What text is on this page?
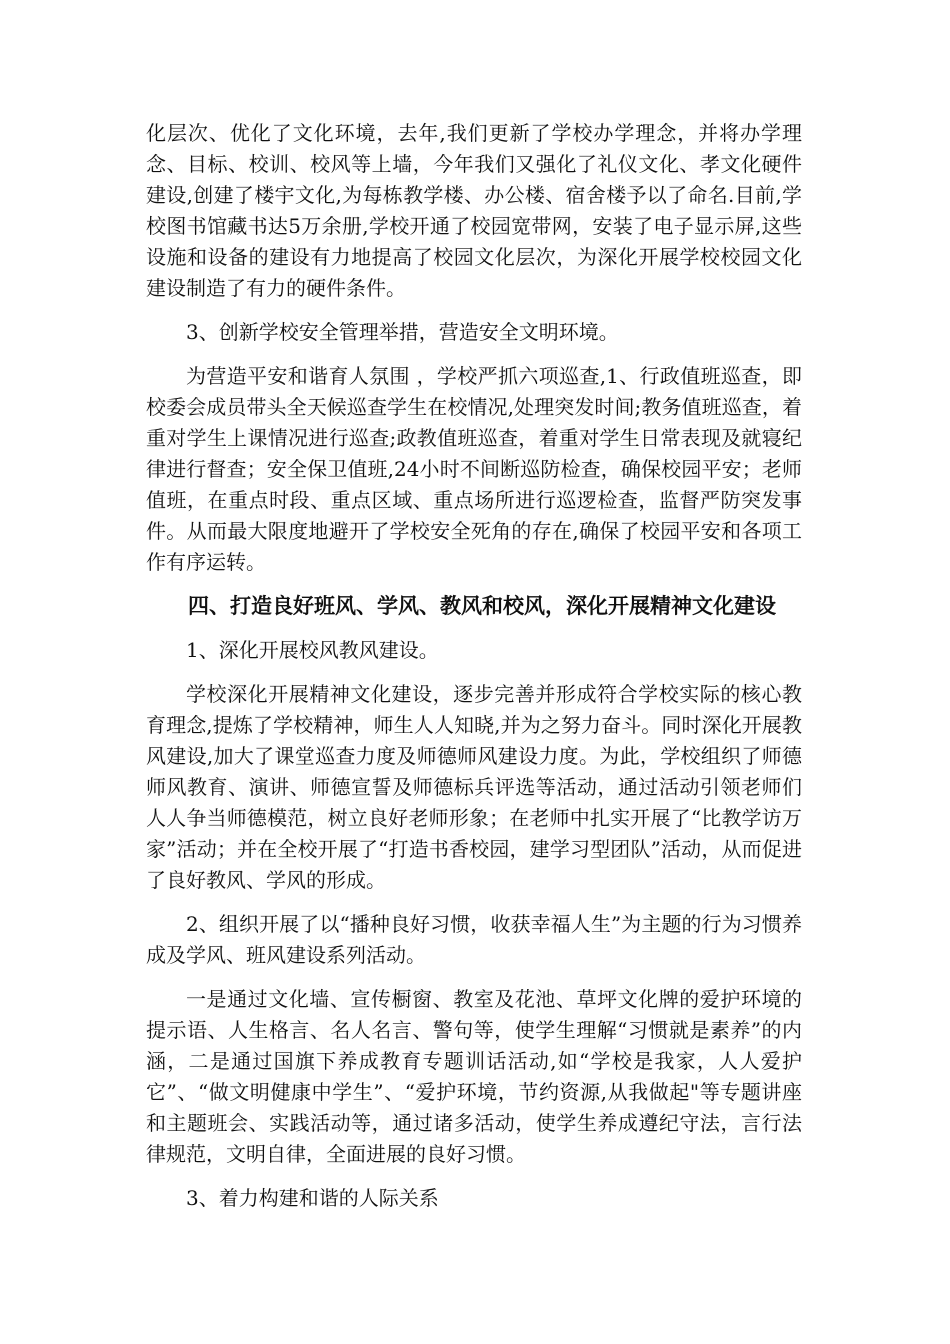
化层次、优化了文化环境，去年,我们更新了学校办学理念，并将办学理念、目标、校训、校风等上墙，今年我们又强化了礼仪文化、孝文化硬件建设,创建了楼宇文化,为每栋教学楼、办公楼、宿舍楼予以了命名.目前,学校图书馆藏书达5万余册,学校开通了校园宽带网，安装了电子显示屏,这些设施和设备的建设有力地提高了校园文化层次，为深化开展学校校园文化建设制造了有力的硬件条件。

3、创新学校安全管理举措，营造安全文明环境。

为营造平安和谐育人氛围 ，学校严抓六项巡查,1、行政值班巡查，即校委会成员带头全天候巡查学生在校情况,处理突发时间;教务值班巡查，着重对学生上课情况进行巡查;政教值班巡查，着重对学生日常表现及就寝纪律进行督查；安全保卫值班,24小时不间断巡防检查，确保校园平安；老师值班，在重点时段、重点区域、重点场所进行巡逻检查，监督严防突发事件。从而最大限度地避开了学校安全死角的存在,确保了校园平安和各项工作有序运转。

四、打造良好班风、学风、教风和校风，深化开展精神文化建设

1、深化开展校风教风建设。

学校深化开展精神文化建设，逐步完善并形成符合学校实际的核心教育理念,提炼了学校精神，师生人人知晓,并为之努力奋斗。同时深化开展教风建设,加大了课堂巡查力度及师德师风建设力度。为此，学校组织了师德师风教育、演讲、师德宣誓及师德标兵评选等活动，通过活动引领老师们人人争当师德模范，树立良好老师形象；在老师中扎实开展了“比教学访万家”活动；并在全校开展了“打造书香校园，建学习型团队”活动，从而促进了良好教风、学风的形成。

2、组织开展了以“播种良好习惯，收获幸福人生”为主题的行为习惯养成及学风、班风建设系列活动。

一是通过文化墙、宣传橱窗、教室及花池、草坪文化牌的爱护环境的提示语、人生格言、名人名言、警句等，使学生理解“习惯就是素养”的内涵，二是通过国旗下养成教育专题训话活动,如“学校是我家，人人爱护它”、“做文明健康中学生”、“爱护环境，节约资源,从我做起"等专题讲座和主题班会、实践活动等，通过诸多活动，使学生养成遵纪守法，言行法律规范，文明自律，全面进展的良好习惯。

3、着力构建和谐的人际关系
